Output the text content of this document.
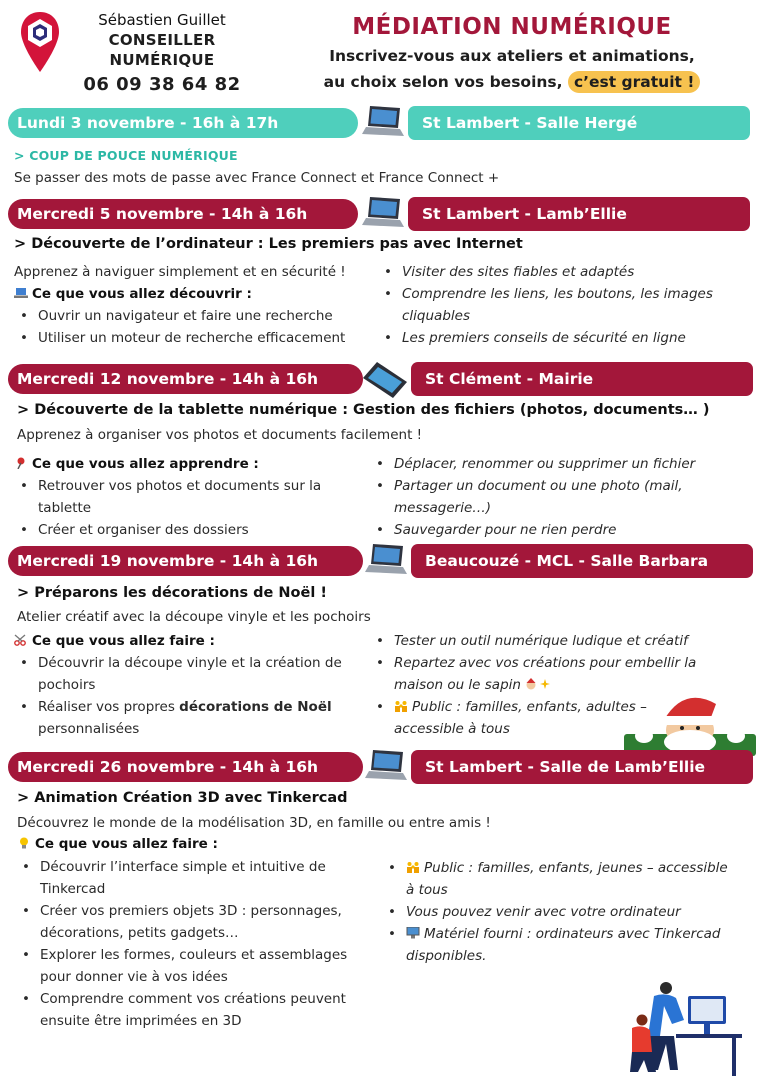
Sébastien Guillet
CONSEILLER
NUMÉRIQUE
06 09 38 64 82
MÉDIATION NUMÉRIQUE
Inscrivez-vous aux ateliers et animations,
au choix selon vos besoins, c’est gratuit !
Lundi 3 novembre - 16h à 17h	St Lambert - Salle Hergé
> COUP DE POUCE NUMÉRIQUE
Se passer des mots de passe avec France Connect et France Connect +
Mercredi 5 novembre - 14h à 16h	St Lambert - Lamb’Ellie
> Découverte de l’ordinateur : Les premiers pas avec Internet
Apprenez à naviguer simplement et en sécurité !
Ce que vous allez découvrir :
• Ouvrir un navigateur et faire une recherche
• Utiliser un moteur de recherche efficacement
• Visiter des sites fiables et adaptés
• Comprendre les liens, les boutons, les images
cliquables
• Les premiers conseils de sécurité en ligne
Mercredi 12 novembre - 14h à 16h	St Clément - Mairie
> Découverte de la tablette numérique : Gestion des fichiers (photos, documents… )
Apprenez à organiser vos photos et documents facilement !
Ce que vous allez apprendre :
• Retrouver vos photos et documents sur la
tablette
• Créer et organiser des dossiers
• Déplacer, renommer ou supprimer un fichier
• Partager un document ou une photo (mail,
messagerie…)
• Sauvegarder pour ne rien perdre
Mercredi 19 novembre - 14h à 16h	Beaucouzé - MCL - Salle Barbara
> Préparons les décorations de Noël !
Atelier créatif avec la découpe vinyle et les pochoirs
Ce que vous allez faire :
• Découvrir la découpe vinyle et la création de
pochoirs
• Réaliser vos propres décorations de Noël
personnalisées
• Tester un outil numérique ludique et créatif
• Repartez avec vos créations pour embellir la
maison ou le sapin
• Public : familles, enfants, adultes –
accessible à tous
Mercredi 26 novembre - 14h à 16h	St Lambert - Salle de Lamb’Ellie
> Animation Création 3D avec Tinkercad
Découvrez le monde de la modélisation 3D, en famille ou entre amis !
Ce que vous allez faire :
• Découvrir l’interface simple et intuitive de
Tinkercad
• Créer vos premiers objets 3D : personnages,
décorations, petits gadgets…
• Explorer les formes, couleurs et assemblages
pour donner vie à vos idées
• Comprendre comment vos créations peuvent
ensuite être imprimées en 3D
• Public : familles, enfants, jeunes – accessible
à tous
• Vous pouvez venir avec votre ordinateur
• Matériel fourni : ordinateurs avec Tinkercad
disponibles.
